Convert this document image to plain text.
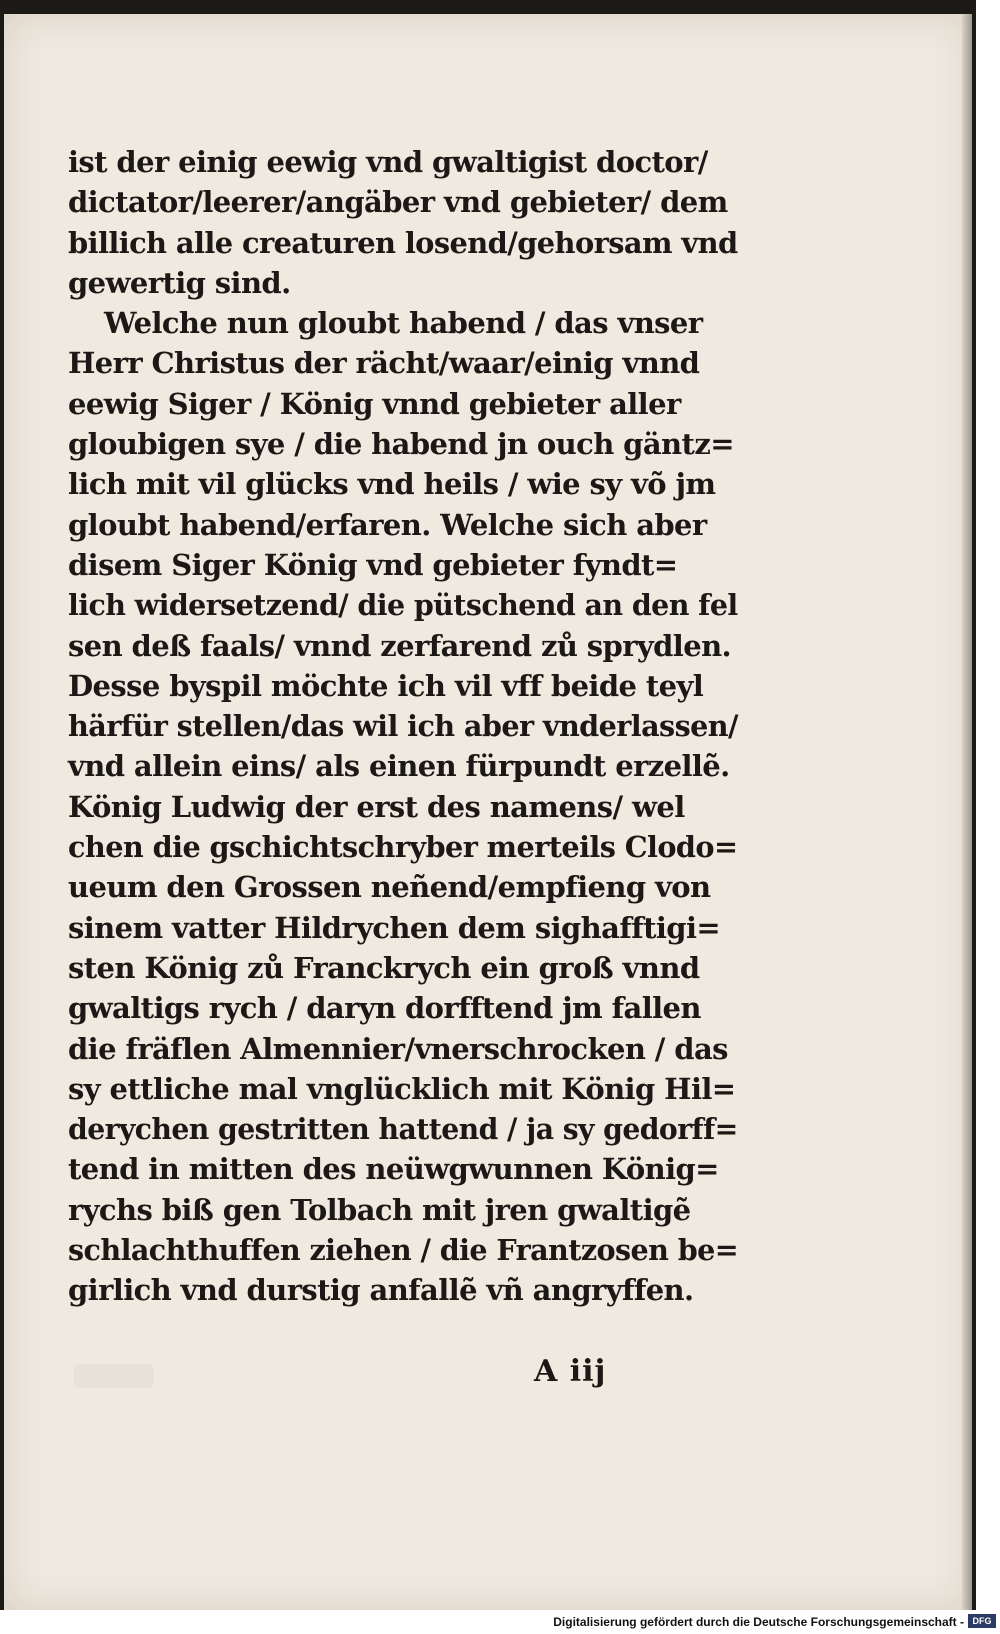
ist der einig eewig vnd gwaltigist doctor/
dictator/leerer/angäber vnd gebieter/ dem
billich alle creaturen losend/gehorsam vnd
gewertig sind.
Welche nun gloubt habend / das vnser
Herr Christus der rächt/waar/einig vnnd
eewig Siger / König vnnd gebieter aller
gloubigen sye / die habend jn ouch gäntz=
lich mit vil glücks vnd heils / wie sy võ jm
gloubt habend/erfaren. Welche sich aber
disem Siger König vnd gebieter fyndt=
lich widersetzend/ die pütschend an den fel
sen deß faals/ vnnd zerfarend zů sprydlen.
Desse byspil möchte ich vil vff beide teyl
härfür stellen/das wil ich aber vnderlassen/
vnd allein eins/ als einen fürpundt erzellẽ.
König Ludwig der erst des namens/ wel
chen die gschichtschryber merteils Clodo=
ueum den Grossen neñend/empfieng von
sinem vatter Hildrychen dem sighafftigi=
sten König zů Franckrych ein groß vnnd
gwaltigs rych / daryn dorfftend jm fallen
die fräflen Almennier/vnerschrocken / das
sy ettliche mal vnglücklich mit König Hil=
derychen gestritten hattend / ja sy gedorff=
tend in mitten des neüwgwunnen König=
rychs biß gen Tolbach mit jren gwaltigẽ
schlachthuffen ziehen / die Frantzosen be=
girlich vnd durstig anfallẽ vñ angryffen.
A iij
Digitalisierung gefördert durch die Deutsche Forschungsgemeinschaft - DFG
